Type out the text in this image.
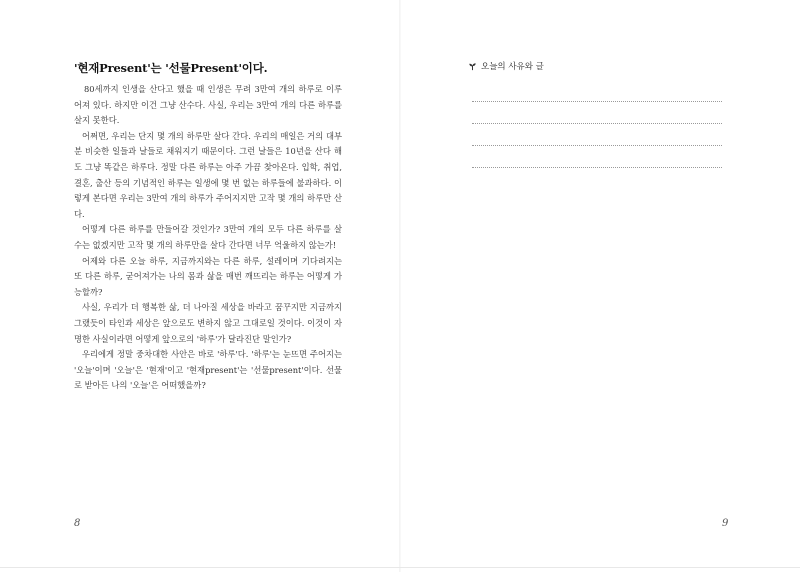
'현재Present'는 '선물Present'이다.

80세까지 인생을 산다고 했을 때 인생은 무려 3만여 개의 하루로 이루어져 있다. 하지만 이건 그냥 산수다. 사실, 우리는 3만여 개의 다른 하루를 살지 못한다.

어쩌면, 우리는 단지 몇 개의 하루만 살다 간다. 우리의 매일은 거의 대부분 비슷한 일들과 날들로 채워지기 때문이다. 그런 날들은 10년을 산다 해도 그냥 똑같은 하루다. 정말 다른 하루는 아주 가끔 찾아온다. 입학, 취업, 결혼, 출산 등의 기념적인 하루는 일생에 몇 번 없는 하루들에 불과하다. 이렇게 본다면 우리는 3만여 개의 하루가 주어지지만 고작 몇 개의 하루만 산다.

어떻게 다른 하루를 만들어갈 것인가? 3만여 개의 모두 다른 하루를 살 수는 없겠지만 고작 몇 개의 하루만을 살다 간다면 너무 억울하지 않는가!

어제와 다른 오늘 하루, 지금까지와는 다른 하루, 설레이며 기다려지는 또 다른 하루, 굳어져가는 나의 몸과 삶을 매번 깨뜨리는 하루는 어떻게 가능할까?

사실, 우리가 더 행복한 삶, 더 나아질 세상을 바라고 꿈꾸지만 지금까지 그랬듯이 타인과 세상은 앞으로도 변하지 않고 그대로일 것이다. 이것이 자명한 사실이라면 어떻게 앞으로의 '하루'가 달라진단 말인가?

우리에게 정말 중차대한 사안은 바로 '하루'다. '하루'는 눈뜨면 주어지는 '오늘'이며 '오늘'은 '현재'이고 '현재present'는 '선물present'이다. 선물로 받아든 나의 '오늘'은 어떠했을까?

8
오늘의 사유와 글
9
